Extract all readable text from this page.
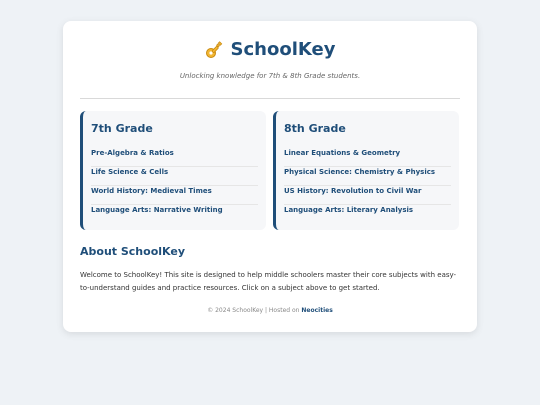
SchoolKey
Unlocking knowledge for 7th & 8th Grade students.
7th Grade
Pre-Algebra & Ratios
Life Science & Cells
World History: Medieval Times
Language Arts: Narrative Writing
8th Grade
Linear Equations & Geometry
Physical Science: Chemistry & Physics
US History: Revolution to Civil War
Language Arts: Literary Analysis
About SchoolKey
Welcome to SchoolKey! This site is designed to help middle schoolers master their core subjects with easy-to-understand guides and practice resources. Click on a subject above to get started.
© 2024 SchoolKey | Hosted on Neocities
